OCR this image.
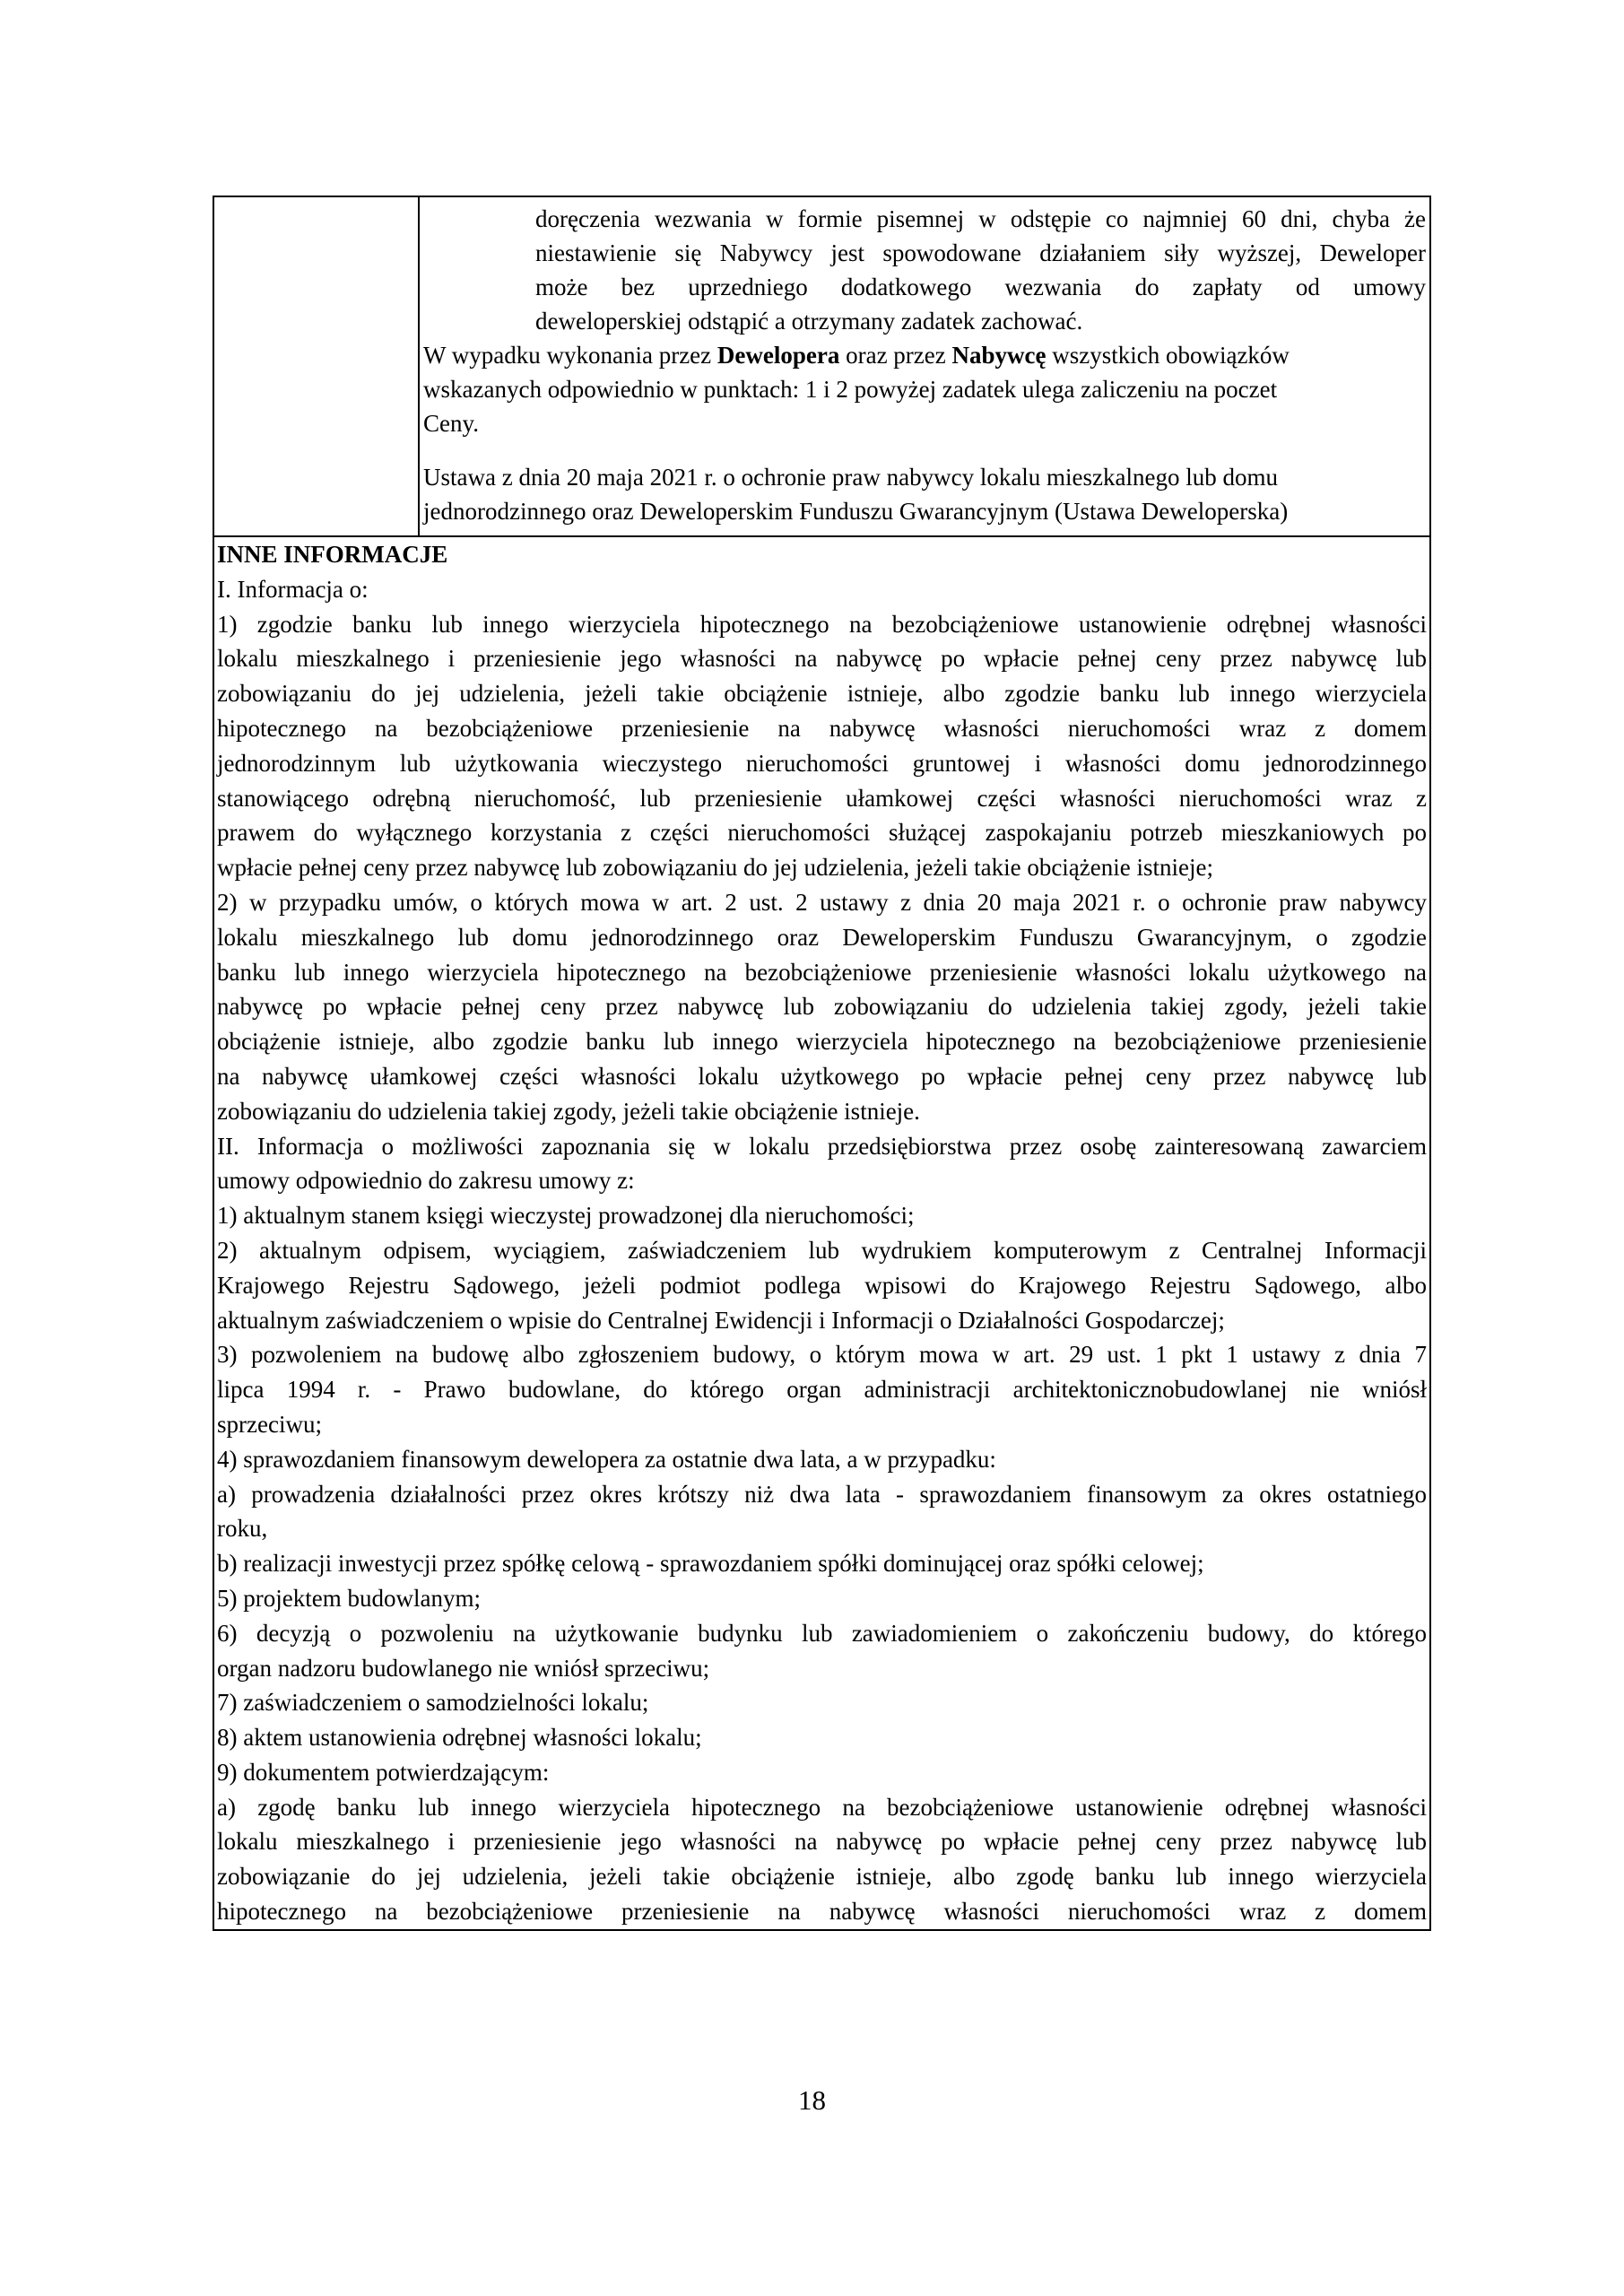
doręczenia wezwania w formie pisemnej w odstępie co najmniej 60 dni, chyba że
niestawienie się Nabywcy jest spowodowane działaniem siły wyższej, Deweloper
może bez uprzedniego dodatkowego wezwania do zapłaty od umowy
deweloperskiej odstąpić a otrzymany zadatek zachować.
W wypadku wykonania przez Dewelopera oraz przez Nabywcę wszystkich obowiązków
wskazanych odpowiednio w punktach: 1 i 2 powyżej zadatek ulega zaliczeniu na poczet
Ceny.
Ustawa z dnia 20 maja 2021 r. o ochronie praw nabywcy lokalu mieszkalnego lub domu
jednorodzinnego oraz Deweloperskim Funduszu Gwarancyjnym (Ustawa Deweloperska)
INNE INFORMACJE
I. Informacja o:
1) zgodzie banku lub innego wierzyciela hipotecznego na bezobciążeniowe ustanowienie odrębnej własności
lokalu mieszkalnego i przeniesienie jego własności na nabywcę po wpłacie pełnej ceny przez nabywcę lub
zobowiązaniu do jej udzielenia, jeżeli takie obciążenie istnieje, albo zgodzie banku lub innego wierzyciela
hipotecznego na bezobciążeniowe przeniesienie na nabywcę własności nieruchomości wraz z domem
jednorodzinnym lub użytkowania wieczystego nieruchomości gruntowej i własności domu jednorodzinnego
stanowiącego odrębną nieruchomość, lub przeniesienie ułamkowej części własności nieruchomości wraz z
prawem do wyłącznego korzystania z części nieruchomości służącej zaspokajaniu potrzeb mieszkaniowych po
wpłacie pełnej ceny przez nabywcę lub zobowiązaniu do jej udzielenia, jeżeli takie obciążenie istnieje;
2) w przypadku umów, o których mowa w art. 2 ust. 2 ustawy z dnia 20 maja 2021 r. o ochronie praw nabywcy
lokalu mieszkalnego lub domu jednorodzinnego oraz Deweloperskim Funduszu Gwarancyjnym, o zgodzie
banku lub innego wierzyciela hipotecznego na bezobciążeniowe przeniesienie własności lokalu użytkowego na
nabywcę po wpłacie pełnej ceny przez nabywcę lub zobowiązaniu do udzielenia takiej zgody, jeżeli takie
obciążenie istnieje, albo zgodzie banku lub innego wierzyciela hipotecznego na bezobciążeniowe przeniesienie
na nabywcę ułamkowej części własności lokalu użytkowego po wpłacie pełnej ceny przez nabywcę lub
zobowiązaniu do udzielenia takiej zgody, jeżeli takie obciążenie istnieje.
II. Informacja o możliwości zapoznania się w lokalu przedsiębiorstwa przez osobę zainteresowaną zawarciem
umowy odpowiednio do zakresu umowy z:
1) aktualnym stanem księgi wieczystej prowadzonej dla nieruchomości;
2) aktualnym odpisem, wyciągiem, zaświadczeniem lub wydrukiem komputerowym z Centralnej Informacji
Krajowego Rejestru Sądowego, jeżeli podmiot podlega wpisowi do Krajowego Rejestru Sądowego, albo
aktualnym zaświadczeniem o wpisie do Centralnej Ewidencji i Informacji o Działalności Gospodarczej;
3) pozwoleniem na budowę albo zgłoszeniem budowy, o którym mowa w art. 29 ust. 1 pkt 1 ustawy z dnia 7
lipca 1994 r. - Prawo budowlane, do którego organ administracji architektonicznobudowlanej nie wniósł
sprzeciwu;
4) sprawozdaniem finansowym dewelopera za ostatnie dwa lata, a w przypadku:
a) prowadzenia działalności przez okres krótszy niż dwa lata - sprawozdaniem finansowym za okres ostatniego
roku,
b) realizacji inwestycji przez spółkę celową - sprawozdaniem spółki dominującej oraz spółki celowej;
5) projektem budowlanym;
6) decyzją o pozwoleniu na użytkowanie budynku lub zawiadomieniem o zakończeniu budowy, do którego
organ nadzoru budowlanego nie wniósł sprzeciwu;
7) zaświadczeniem o samodzielności lokalu;
8) aktem ustanowienia odrębnej własności lokalu;
9) dokumentem potwierdzającym:
a) zgodę banku lub innego wierzyciela hipotecznego na bezobciążeniowe ustanowienie odrębnej własności
lokalu mieszkalnego i przeniesienie jego własności na nabywcę po wpłacie pełnej ceny przez nabywcę lub
zobowiązanie do jej udzielenia, jeżeli takie obciążenie istnieje, albo zgodę banku lub innego wierzyciela
hipotecznego na bezobciążeniowe przeniesienie na nabywcę własności nieruchomości wraz z domem
18
